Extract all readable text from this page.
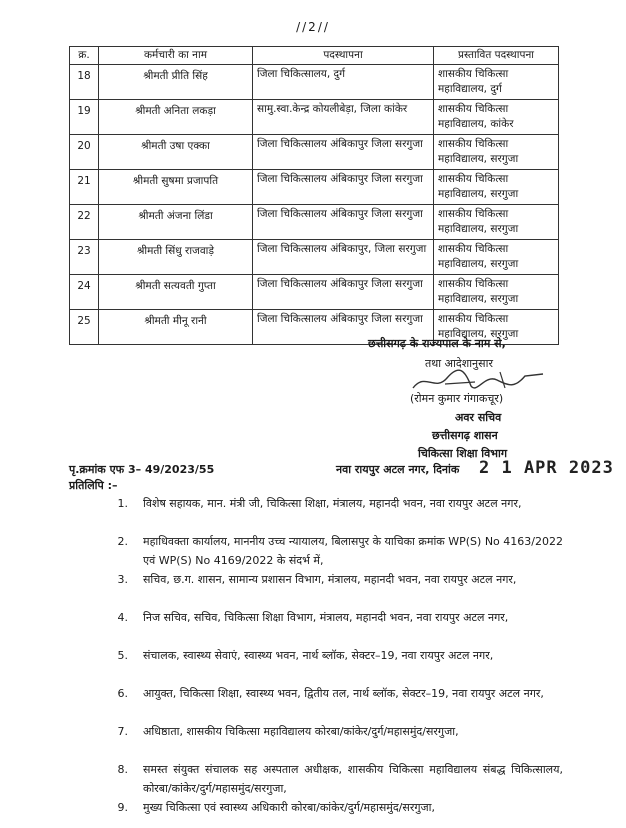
//2//
क्र.	कर्मचारी का नाम	पदस्थापना	प्रस्तावित पदस्थापना
18	श्रीमती प्रीति सिंह	जिला चिकित्सालय, दुर्ग	शासकीय चिकित्सा महाविद्यालय, दुर्ग
19	श्रीमती अनिता लकड़ा	सामु.स्वा.केन्द्र कोयलीबेड़ा, जिला कांकेर	शासकीय चिकित्सा महाविद्यालय, कांकेर
20	श्रीमती उषा एक्का	जिला चिकित्सालय अंबिकापुर जिला सरगुजा	शासकीय चिकित्सा महाविद्यालय, सरगुजा
21	श्रीमती सुषमा प्रजापति	जिला चिकित्सालय अंबिकापुर जिला सरगुजा	शासकीय चिकित्सा महाविद्यालय, सरगुजा
22	श्रीमती अंजना लिंडा	जिला चिकित्सालय अंबिकापुर जिला सरगुजा	शासकीय चिकित्सा महाविद्यालय, सरगुजा
23	श्रीमती सिंधु राजवाड़े	जिला चिकित्सालय अंबिकापुर, जिला सरगुजा	शासकीय चिकित्सा महाविद्यालय, सरगुजा
24	श्रीमती सत्यवती गुप्ता	जिला चिकित्सालय अंबिकापुर जिला सरगुजा	शासकीय चिकित्सा महाविद्यालय, सरगुजा
25	श्रीमती मीनू रानी	जिला चिकित्सालय अंबिकापुर जिला सरगुजा	शासकीय चिकित्सा महाविद्यालय, सरगुजा
छत्तीसगढ़ के राज्यपाल के नाम से,
तथा आदेशानुसार
(रोमन कुमार गंगाकचूर)
अवर सचिव
छत्तीसगढ़ शासन
चिकित्सा शिक्षा विभाग
पृ.क्रमांक एफ 3– 49/2023/55	नवा रायपुर अटल नगर, दिनांक 2 1 APR 2023
प्रतिलिपि :–
1. विशेष सहायक, मान. मंत्री जी, चिकित्सा शिक्षा, मंत्रालय, महानदी भवन, नवा रायपुर अटल नगर,
2. महाधिवक्ता कार्यालय, माननीय उच्च न्यायालय, बिलासपुर के याचिका क्रमांक WP(S) No 4163/2022 एवं WP(S) No 4169/2022 के संदर्भ में,
3. सचिव, छ.ग. शासन, सामान्य प्रशासन विभाग, मंत्रालय, महानदी भवन, नवा रायपुर अटल नगर,
4. निज सचिव, सचिव, चिकित्सा शिक्षा विभाग, मंत्रालय, महानदी भवन, नवा रायपुर अटल नगर,
5. संचालक, स्वास्थ्य सेवाएं, स्वास्थ्य भवन, नार्थ ब्लॉक, सेक्टर–19, नवा रायपुर अटल नगर,
6. आयुक्त, चिकित्सा शिक्षा, स्वास्थ्य भवन, द्वितीय तल, नार्थ ब्लॉक, सेक्टर–19, नवा रायपुर अटल नगर,
7. अधिष्ठाता, शासकीय चिकित्सा महाविद्यालय कोरबा/कांकेर/दुर्ग/महासमुंद/सरगुजा,
8. समस्त संयुक्त संचालक सह अस्पताल अधीक्षक, शासकीय चिकित्सा महाविद्यालय संबद्ध चिकित्सालय, कोरबा/कांकेर/दुर्ग/महासमुंद/सरगुजा,
9. मुख्य चिकित्सा एवं स्वास्थ्य अधिकारी कोरबा/कांकेर/दुर्ग/महासमुंद/सरगुजा,
